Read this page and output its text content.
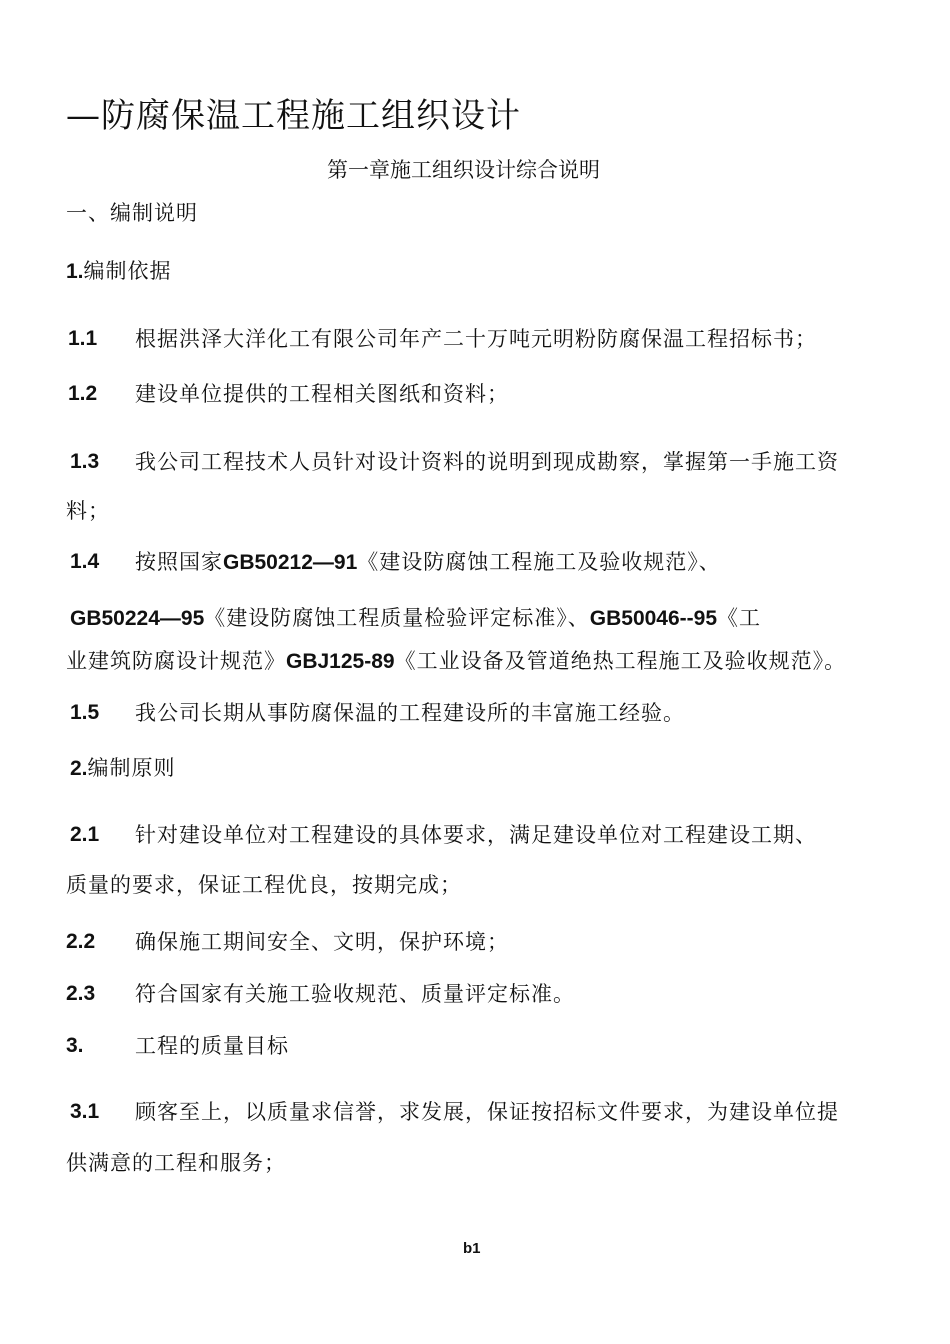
—防腐保温工程施工组织设计
第一章施工组织设计综合说明
一、编制说明
1.编制依据
1.1 根据洪泽大洋化工有限公司年产二十万吨元明粉防腐保温工程招标书；
1.2 建设单位提供的工程相关图纸和资料；
1.3 我公司工程技术人员针对设计资料的说明到现成勘察，掌握第一手施工资
料；
1.4 按照国家GB50212—91《建设防腐蚀工程施工及验收规范》、
GB50224—95《建设防腐蚀工程质量检验评定标准》、GB50046--95《工
业建筑防腐设计规范》GBJ125-89《工业设备及管道绝热工程施工及验收规范》。
1.5 我公司长期从事防腐保温的工程建设所的丰富施工经验。
2.编制原则
2.1 针对建设单位对工程建设的具体要求，满足建设单位对工程建设工期、
质量的要求，保证工程优良，按期完成；
2.2 确保施工期间安全、文明，保护环境；
2.3 符合国家有关施工验收规范、质量评定标准。
3. 工程的质量目标
3.1 顾客至上，以质量求信誉，求发展，保证按招标文件要求，为建设单位提
供满意的工程和服务；
b1
